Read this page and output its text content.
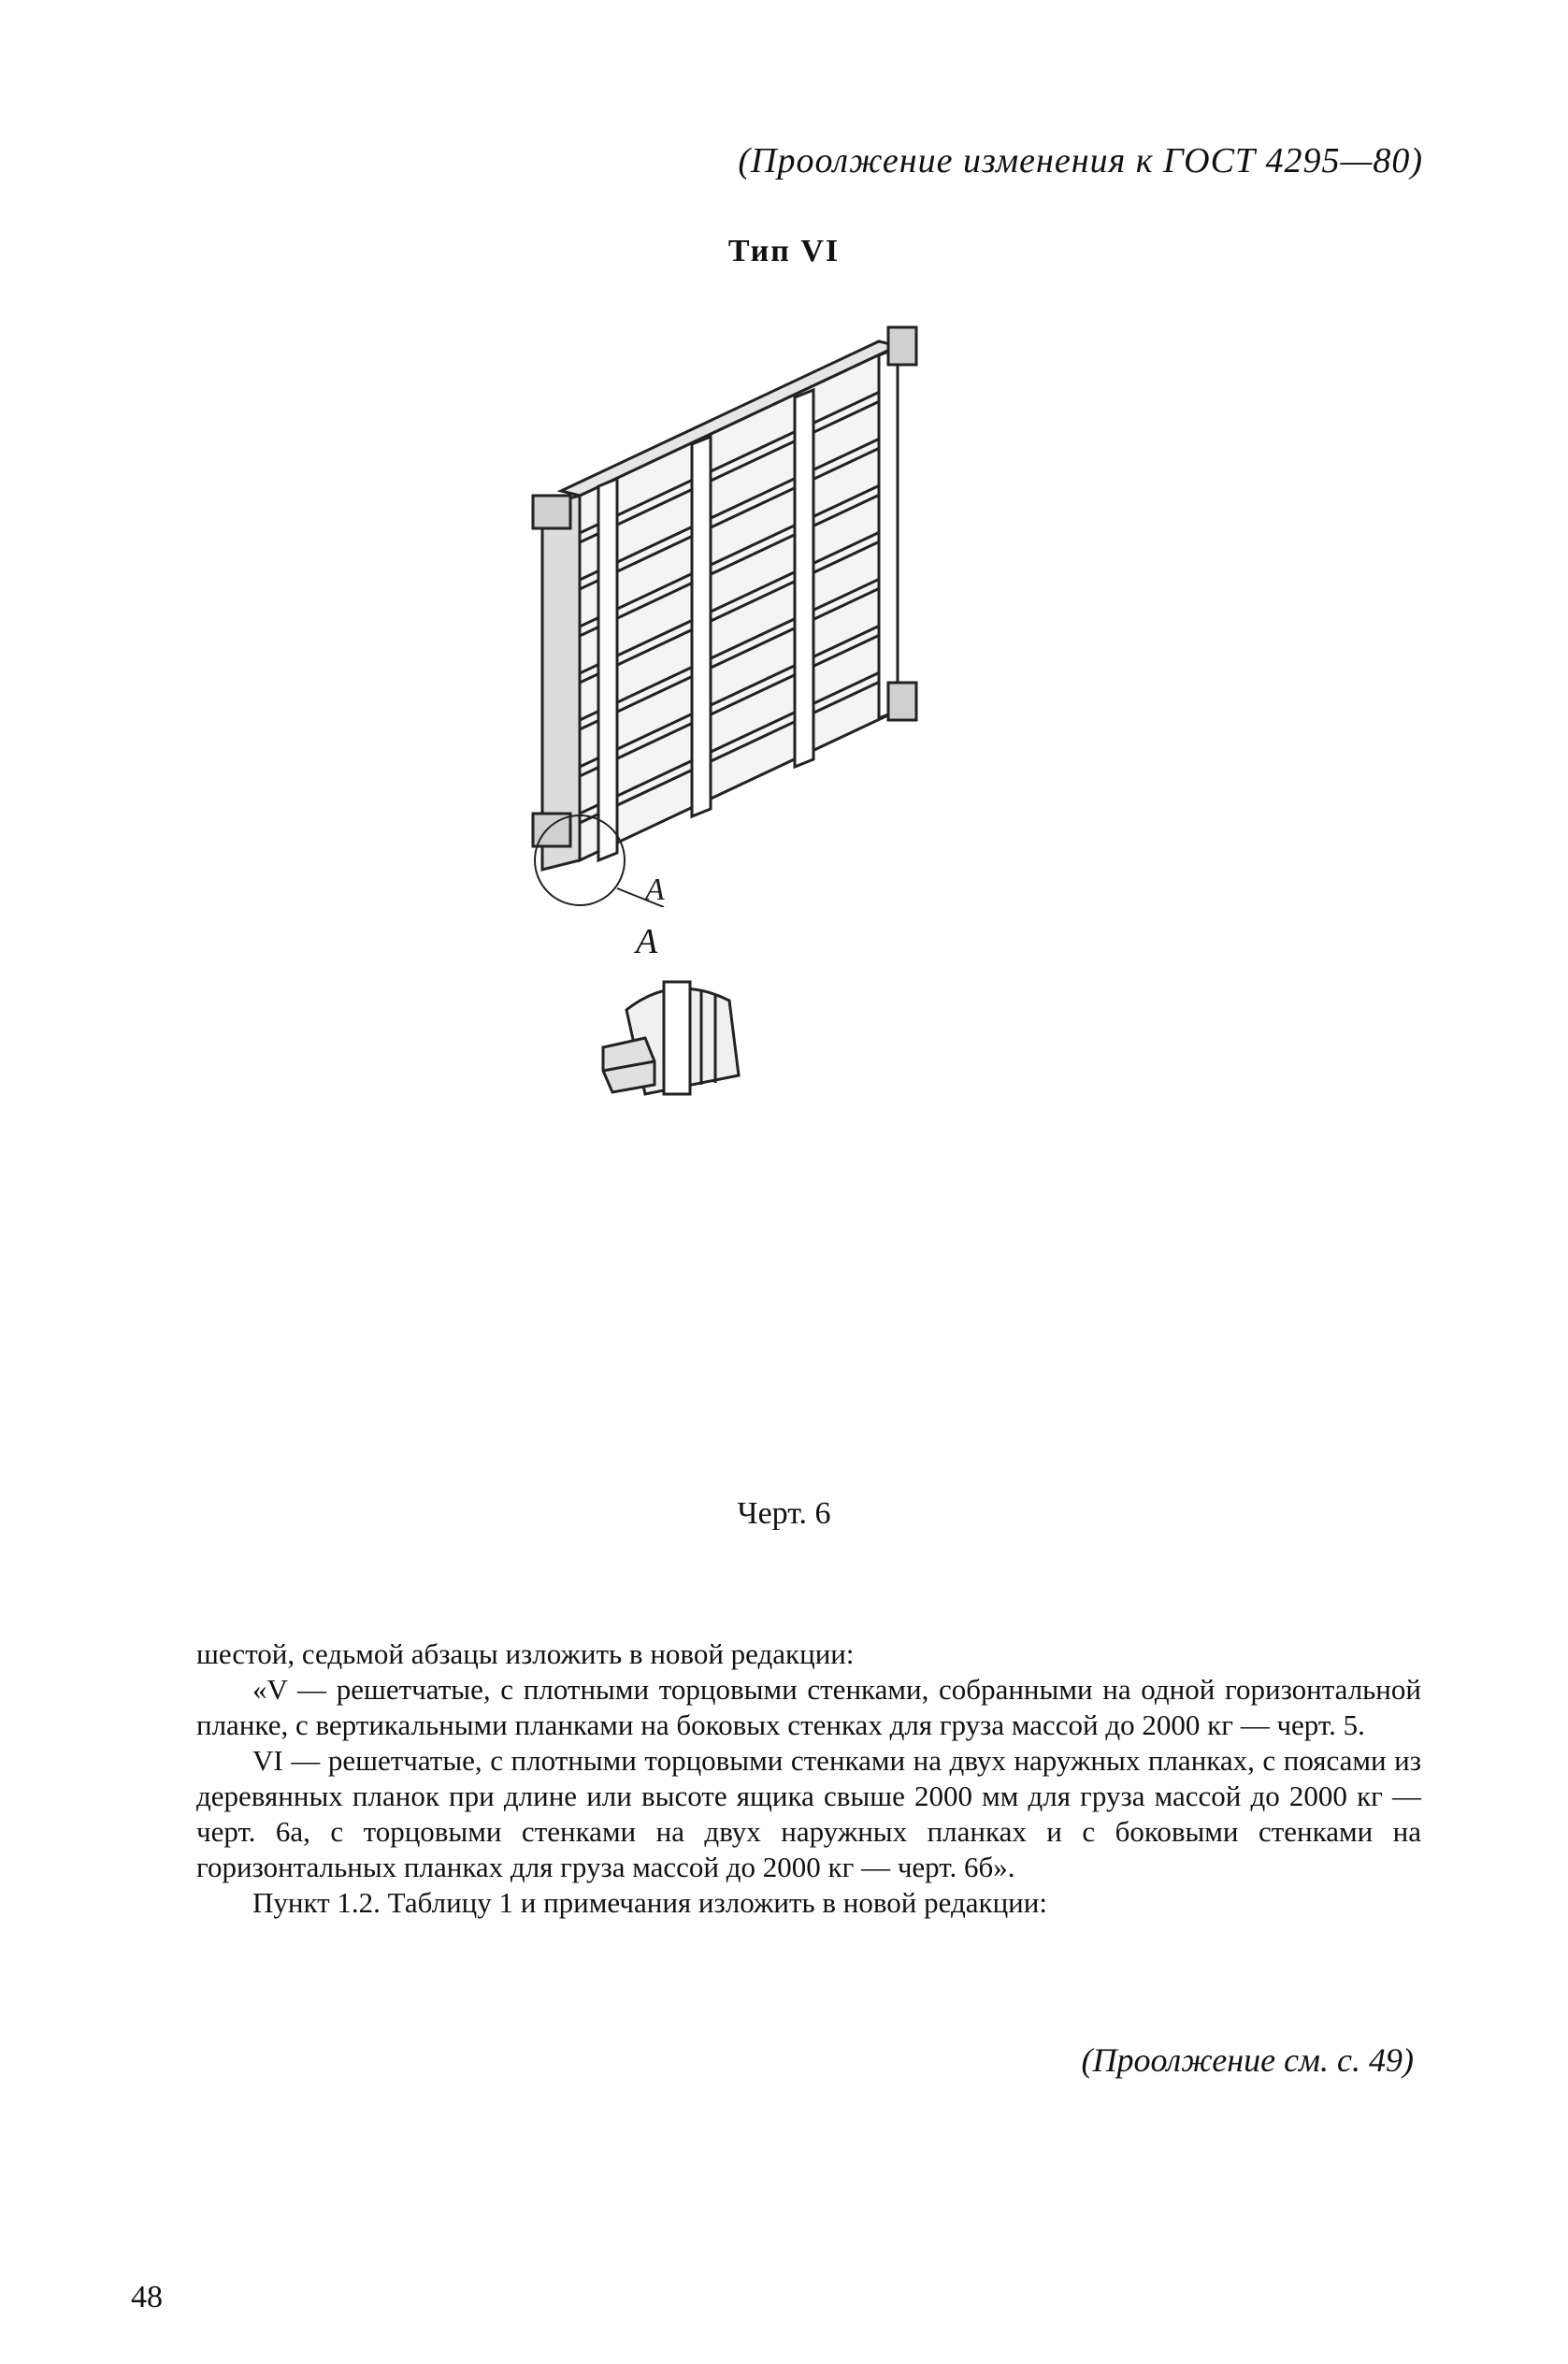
(Проолжение изменения к ГОСТ 4295—80)
Тип VI
A
A
Черт. 6

шестой, седьмой абзацы изложить в новой редакции:

«V — решетчатые, с плотными торцовыми стенками, собранными на одной горизонтальной планке, с вертикальными планками на боковых стенках для груза массой до 2000 кг — черт. 5.

VI — решетчатые, с плотными торцовыми стенками на двух наружных планках, с поясами из деревянных планок при длине или высоте ящика свыше 2000 мм для груза массой до 2000 кг — черт. 6а, с торцовыми стенками на двух наружных планках и с боковыми стенками на горизонтальных планках для груза массой до 2000 кг — черт. 6б».

Пункт 1.2. Таблицу 1 и примечания изложить в новой редакции:

(Проолжение см. с. 49)
48
